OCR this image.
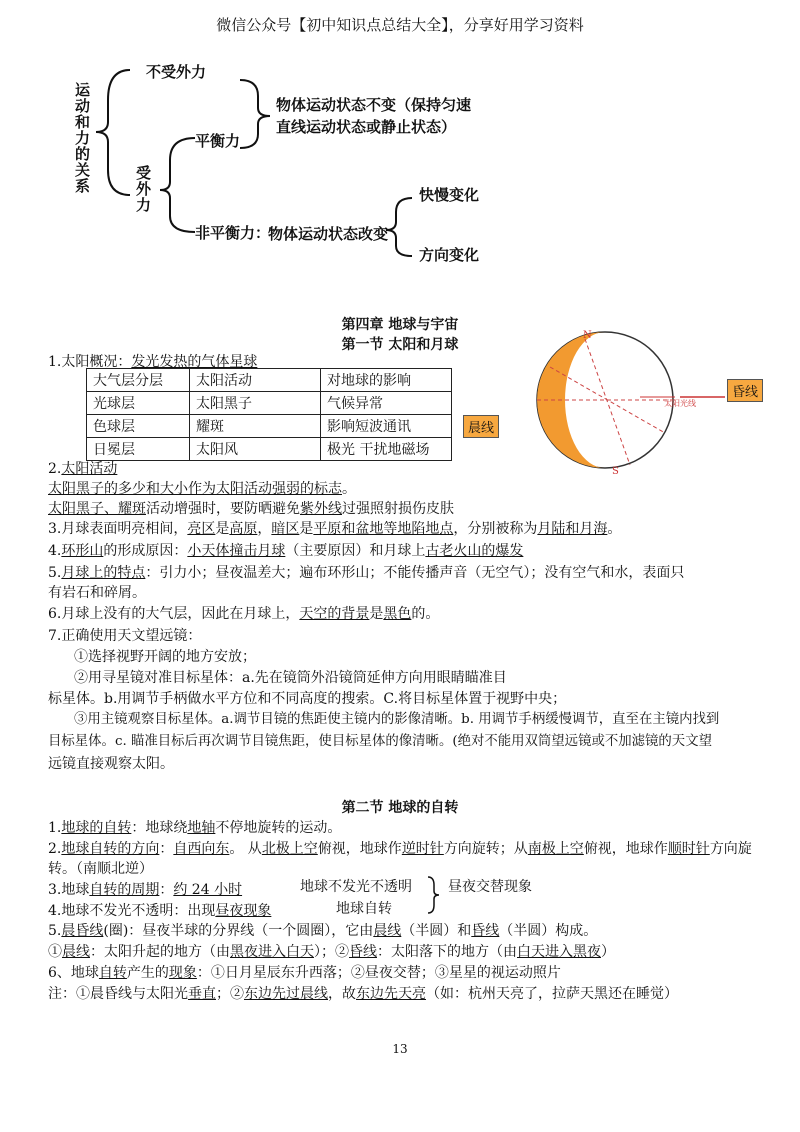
微信公众号【初中知识点总结大全】，分享好用学习资料
运动和力的关系
不受外力
物体运动状态不变（保持匀速
直线运动状态或静止状态）
受外力
平衡力
非平衡力：
物体运动状态改变
快慢变化
方向变化
第四章 地球与宇宙
第一节 太阳和月球
1.太阳概况：发光发热的气体星球
大气层分层	太阳活动	对地球的影响
光球层	太阳黑子	气候异常
色球层	耀斑	影响短波通讯
日冕层	太阳风	极光 干扰地磁场
N
S
太阳光线
昏线
晨线
2.太阳活动
太阳黑子的多少和大小作为太阳活动强弱的标志。
太阳黑子、耀斑活动增强时，要防晒避免紫外线过强照射损伤皮肤
3.月球表面明亮相间，亮区是高原，暗区是平原和盆地等地陷地点，分别被称为月陆和月海。
4.环形山的形成原因：小天体撞击月球（主要原因）和月球上古老火山的爆发
5.月球上的特点：引力小；昼夜温差大；遍布环形山；不能传播声音（无空气）；没有空气和水，表面只
有岩石和碎屑。
6.月球上没有的大气层，因此在月球上，天空的背景是黑色的。
7.正确使用天文望远镜：
①选择视野开阔的地方安放；
②用寻星镜对准目标星体：a.先在镜筒外沿镜筒延伸方向用眼睛瞄准目
标星体。b.用调节手柄做水平方位和不同高度的搜索。C.将目标星体置于视野中央；
③用主镜观察目标星体。a.调节目镜的焦距使主镜内的影像清晰。b. 用调节手柄缓慢调节，直至在主镜内找到
目标星体。c. 瞄准目标后再次调节目镜焦距，使目标星体的像清晰。(绝对不能用双筒望远镜或不加滤镜的天文望
远镜直接观察太阳。
第二节 地球的自转
1.地球的自转：地球绕地轴不停地旋转的运动。
2.地球自转的方向：自西向东。 从北极上空俯视，地球作逆时针方向旋转；从南极上空俯视，地球作顺时针方向旋
转。（南顺北逆）
3.地球自转的周期：约 24 小时
4.地球不发光不透明：出现昼夜现象
地球不发光不透明
地球自转
昼夜交替现象
5.晨昏线(圈)：昼夜半球的分界线（一个圆圈），它由晨线（半圆）和昏线（半圆）构成。
①晨线：太阳升起的地方（由黑夜进入白天）；②昏线：太阳落下的地方（由白天进入黑夜）
6、地球自转产生的现象：①日月星辰东升西落；②昼夜交替；③星星的视运动照片
注：①晨昏线与太阳光垂直；②东边先过晨线，故东边先天亮（如：杭州天亮了，拉萨天黑还在睡觉）
13
